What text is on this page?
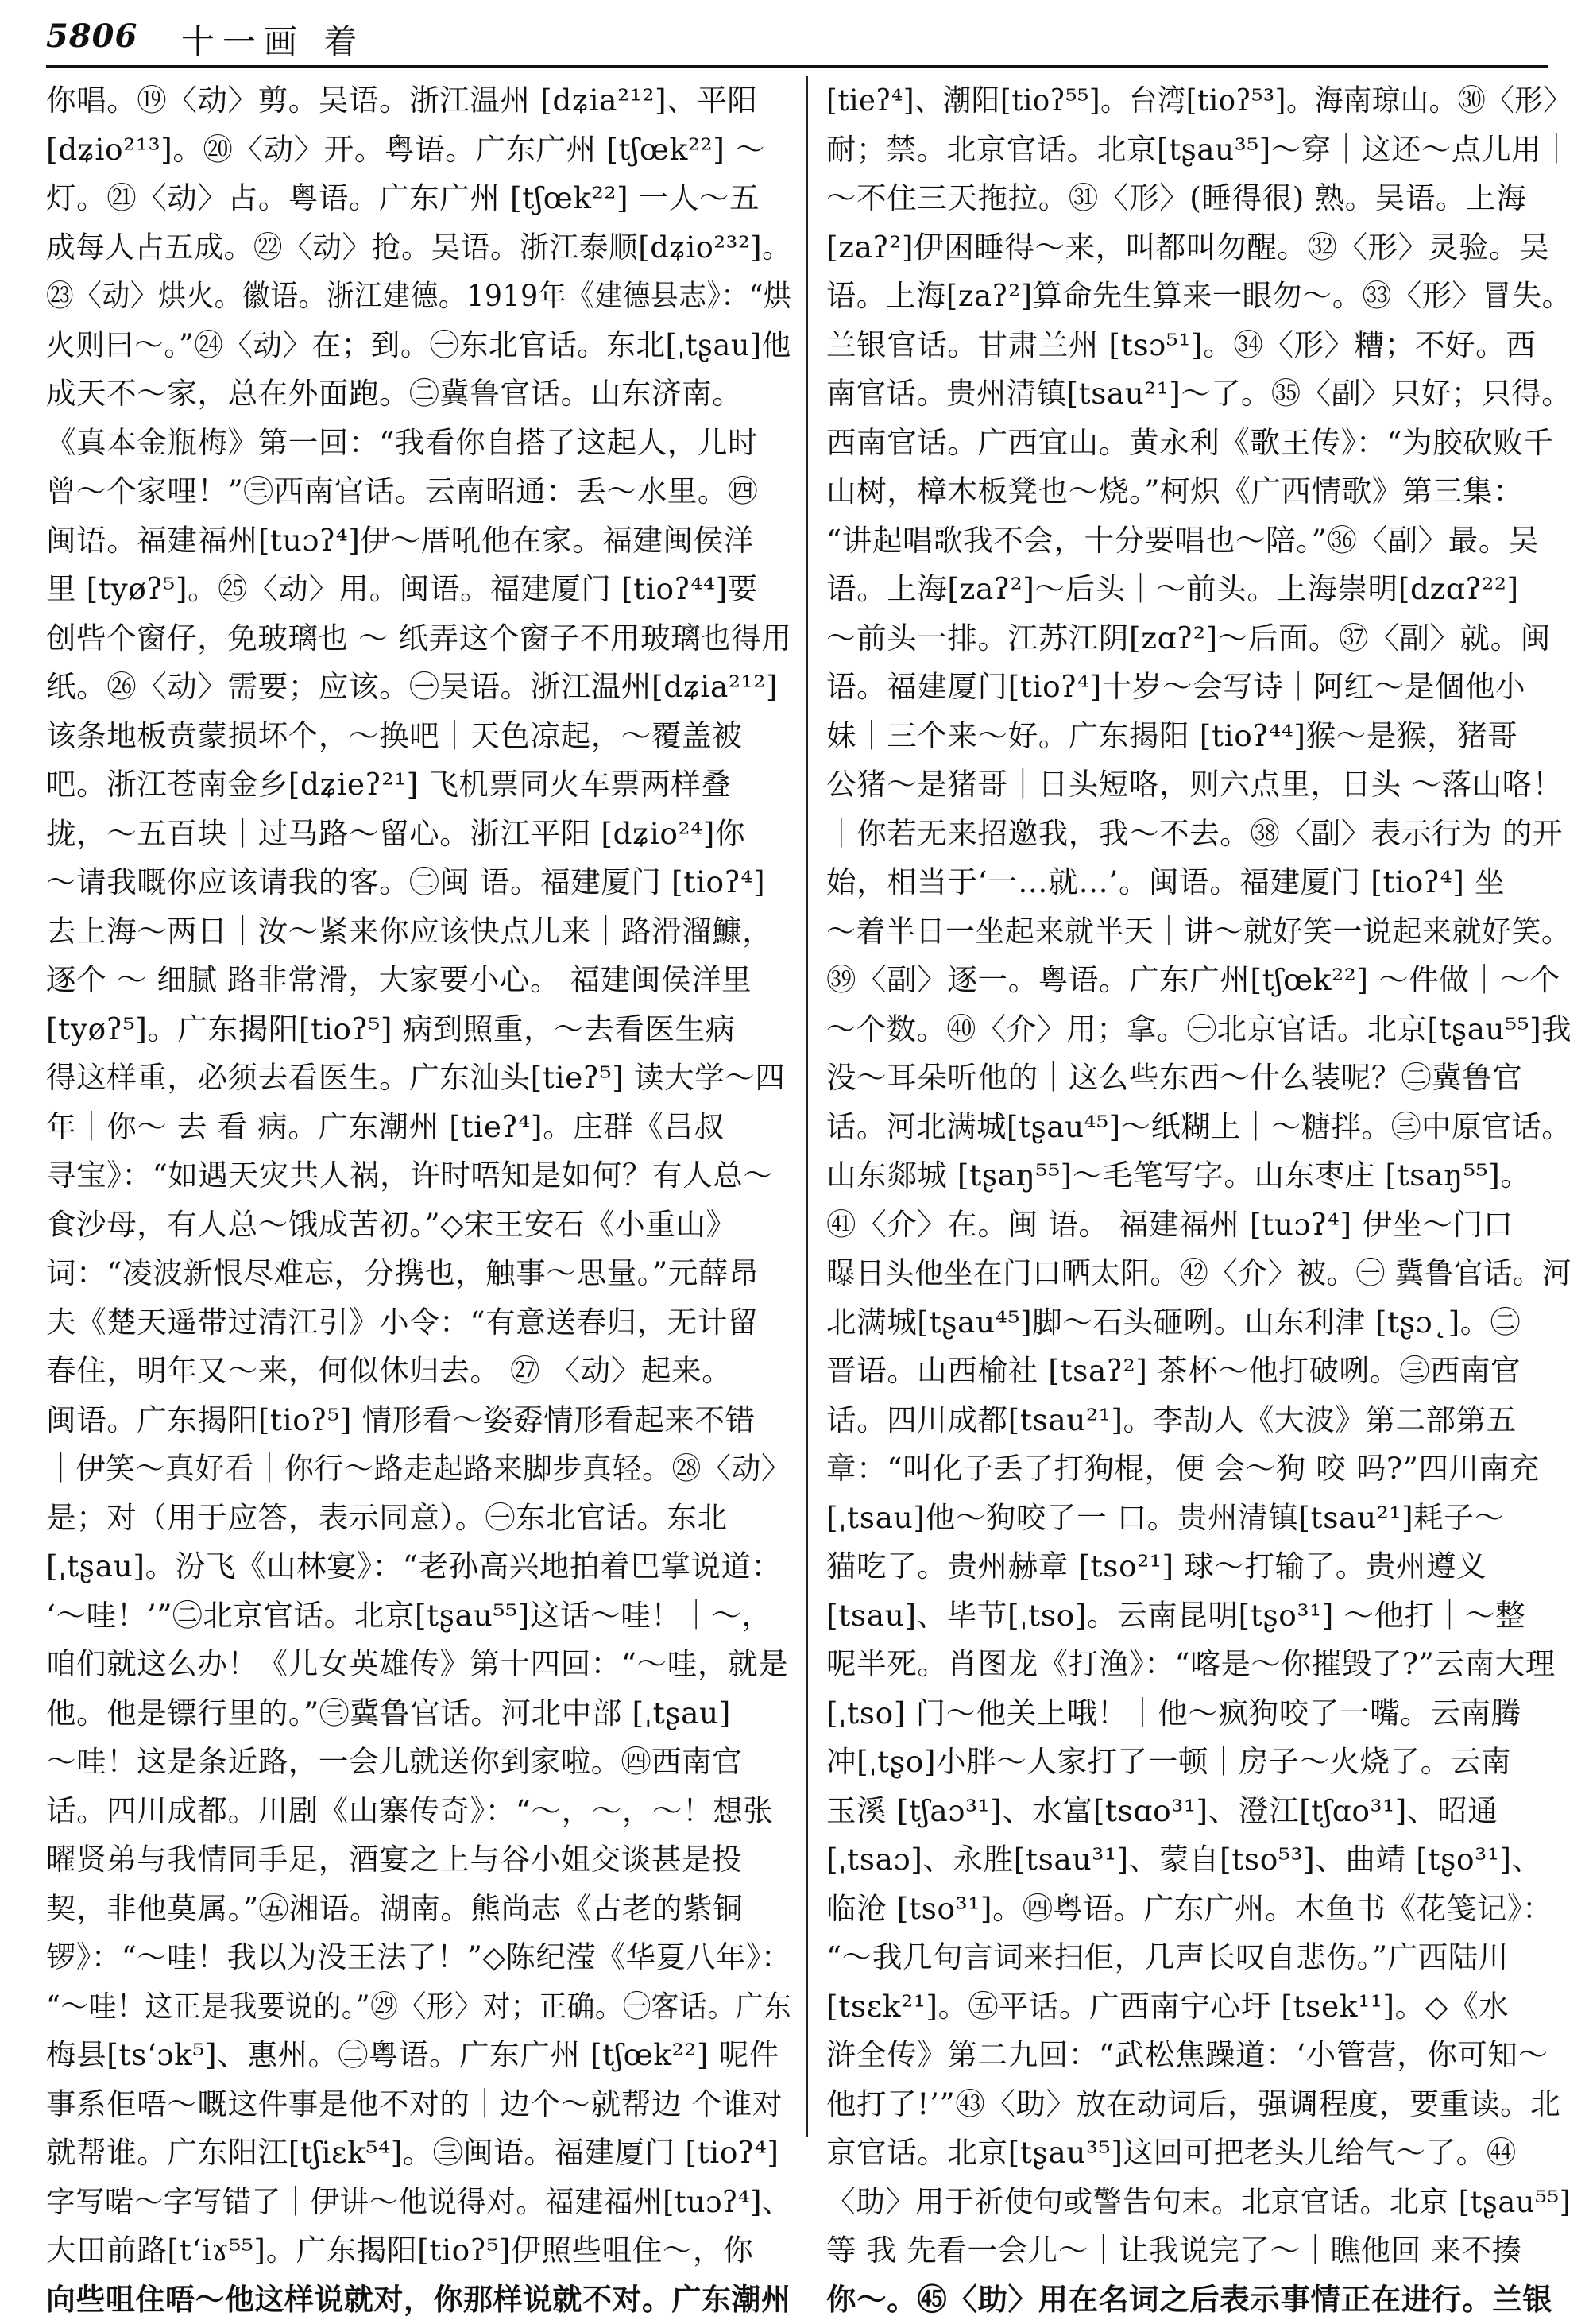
5806 十一画 着
你唱。⑲〈动〉剪。吴语。浙江温州 [dʑia²¹²]、平阳
[dʑio²¹³]。⑳〈动〉开。粤语。广东广州 [tʃœk²²] ～
灯。㉑〈动〉占。粤语。广东广州 [tʃœk²²] 一人～五
成每人占五成。㉒〈动〉抢。吴语。浙江泰顺[dʑio²³²]。
㉓〈动〉烘火。徽语。浙江建德。1919年《建德县志》：“烘
火则曰～。”㉔〈动〉在；到。㊀东北官话。东北[ˌtʂau]他
成天不～家，总在外面跑。㊁冀鲁官话。山东济南。
《真本金瓶梅》第一回：“我看你自搭了这起人，儿时
曾～个家哩！”㊂西南官话。云南昭通：丢～水里。㊃
闽语。福建福州[tuɔʔ⁴]伊～厝吼他在家。福建闽侯洋
里 [tyøʔ⁵]。㉕〈动〉用。闽语。福建厦门 [tioʔ⁴⁴]要
创呰个窗仔，免玻璃也 ～ 纸弄这个窗子不用玻璃也得用
纸。㉖〈动〉需要；应该。㊀吴语。浙江温州[dʑia²¹²]
该条地板贲蒙损坏个，～换吧｜天色凉起，～覆盖被
吧。浙江苍南金乡[dʑieʔ²¹] 飞机票同火车票两样叠
拢，～五百块｜过马路～留心。浙江平阳 [dʑio²⁴]你
～请我嘅你应该请我的客。㊁闽 语。福建厦门 [tioʔ⁴]
去上海～两日｜汝～紧来你应该快点儿来｜路滑溜鱇，
逐个 ～ 细腻 路非常滑，大家要小心。 福建闽侯洋里
[tyøʔ⁵]。广东揭阳[tioʔ⁵] 病到照重，～去看医生病
得这样重，必须去看医生。广东汕头[tieʔ⁵] 读大学～四
年｜你～ 去 看 病。广东潮州 [tieʔ⁴]。庄群《吕叔
寻宝》：“如遇天灾共人祸，许时唔知是如何？有人总～
食沙母，有人总～饿成苦初。”◇宋王安石《小重山》
词：“凌波新恨尽难忘，分携也，触事～思量。”元薛昂
夫《楚天遥带过清江引》小令：“有意送春归，无计留
春住，明年又～来，何似休归去。 ㉗ 〈动〉起来。
闽语。广东揭阳[tioʔ⁵] 情形看～姿孬情形看起来不错
｜伊笑～真好看｜你行～路走起路来脚步真轻。㉘〈动〉
是；对（用于应答，表示同意）。㊀东北官话。东北
[ˌtʂau]。汾飞《山林宴》：“老孙高兴地拍着巴掌说道：
‘～哇！’”㊁北京官话。北京[tʂau⁵⁵]这话～哇！｜～，
咱们就这么办！《儿女英雄传》第十四回：“～哇，就是
他。他是镖行里的。”㊂冀鲁官话。河北中部 [ˌtʂau]
～哇！这是条近路，一会儿就送你到家啦。㊃西南官
话。四川成都。川剧《山寨传奇》：“～，～，～！想张
曜贤弟与我情同手足，酒宴之上与谷小姐交谈甚是投
契，非他莫属。”㊄湘语。湖南。熊尚志《古老的紫铜
锣》：“～哇！我以为没王法了！”◇陈纪滢《华夏八年》：
“～哇！这正是我要说的。”㉙〈形〉对；正确。㊀客话。广东
梅县[tsʻɔk⁵]、惠州。㊁粤语。广东广州 [tʃœk²²] 呢件
事系佢唔～嘅这件事是他不对的｜边个～就帮边 个谁对
就帮谁。广东阳江[tʃiɛk⁵⁴]。㊂闽语。福建厦门 [tioʔ⁴]
字写啱～字写错了｜伊讲～他说得对。福建福州[tuɔʔ⁴]、
大田前路[tʻiɤ⁵⁵]。广东揭阳[tioʔ⁵]伊照些咀住～，你
向些咀住唔～他这样说就对，你那样说就不对。广东潮州
[tieʔ⁴]、潮阳[tioʔ⁵⁵]。台湾[tioʔ⁵³]。海南琼山。㉚〈形〉
耐；禁。北京官话。北京[tʂau³⁵]～穿｜这还～点儿用｜
～不住三天拖拉。㉛〈形〉(睡得很) 熟。吴语。上海
[zaʔ²]伊困睡得～来，叫都叫勿醒。㉜〈形〉灵验。吴
语。上海[zaʔ²]算命先生算来一眼勿～。㉝〈形〉冒失。
兰银官话。甘肃兰州 [tsɔ⁵¹]。㉞〈形〉糟；不好。西
南官话。贵州清镇[tsau²¹]～了。㉟〈副〉只好；只得。
西南官话。广西宜山。黄永利《歌王传》：“为胶砍败千
山树，樟木板凳也～烧。”柯炽《广西情歌》第三集：
“讲起唱歌我不会，十分要唱也～陪。”㊱〈副〉最。吴
语。上海[zaʔ²]～后头｜～前头。上海崇明[dzɑʔ²²]
～前头一排。江苏江阴[zɑʔ²]～后面。㊲〈副〉就。闽
语。福建厦门[tioʔ⁴]十岁～会写诗｜阿红～是個他小
妹｜三个来～好。广东揭阳 [tioʔ⁴⁴]猴～是猴，猪哥
公猪～是猪哥｜日头短咯，则六点里，日头 ～落山咯！
｜你若无来招邀我，我～不去。㊳〈副〉表示行为 的开
始，相当于‘一…就…’。闽语。福建厦门 [tioʔ⁴] 坐
～着半日一坐起来就半天｜讲～就好笑一说起来就好笑。
㊴〈副〉逐一。粤语。广东广州[tʃœk²²] ～件做｜～个
～个数。㊵〈介〉用；拿。㊀北京官话。北京[tʂau⁵⁵]我
没～耳朵听他的｜这么些东西～什么装呢？㊁冀鲁官
话。河北满城[tʂau⁴⁵]～纸糊上｜～糖拌。㊂中原官话。
山东郯城 [tʂaŋ⁵⁵]～毛笔写字。山东枣庄 [tsaŋ⁵⁵]。
㊶〈介〉在。闽 语。 福建福州 [tuɔʔ⁴] 伊坐～门口
曝日头他坐在门口晒太阳。㊷〈介〉被。㊀ 冀鲁官话。河
北满城[tʂau⁴⁵]脚～石头砸咧。山东利津 [tʂɔ˛]。㊁
晋语。山西榆社 [tsaʔ²] 茶杯～他打破咧。㊂西南官
话。四川成都[tsau²¹]。李劼人《大波》第二部第五
章：“叫化子丢了打狗棍，便 会～狗 咬 吗?”四川南充
[ˌtsau]他～狗咬了一 口。贵州清镇[tsau²¹]耗子～
猫吃了。贵州赫章 [tso²¹] 球～打输了。贵州遵义
[tsau]、毕节[ˌtso]。云南昆明[tʂo³¹] ～他打｜～整
呢半死。肖图龙《打渔》：“喀是～你摧毁了?”云南大理
[ˌtso] 门～他关上哦！｜他～疯狗咬了一嘴。云南腾
冲[ˌtʂo]小胖～人家打了一顿｜房子～火烧了。云南
玉溪 [tʃaɔ³¹]、水富[tsɑo³¹]、澄江[tʃɑo³¹]、昭通
[ˌtsaɔ]、永胜[tsau³¹]、蒙自[tso⁵³]、曲靖 [tʂo³¹]、
临沧 [tso³¹]。㊃粤语。广东广州。木鱼书《花笺记》：
“～我几句言词来扫佢，几声长叹自悲伤。”广西陆川
[tsɛk²¹]。㊄平话。广西南宁心圩 [tsek¹¹]。◇《水
浒全传》第二九回：“武松焦躁道：‘小管营，你可知～
他打了!’”㊸〈助〉放在动词后，强调程度，要重读。北
京官话。北京[tʂau³⁵]这回可把老头儿给气～了。㊹
〈助〉用于祈使句或警告句末。北京官话。北京 [tʂau⁵⁵]
等 我 先看一会儿～｜让我说完了～｜瞧他回 来不揍
你～。㊺〈助〉用在名词之后表示事情正在进行。兰银
